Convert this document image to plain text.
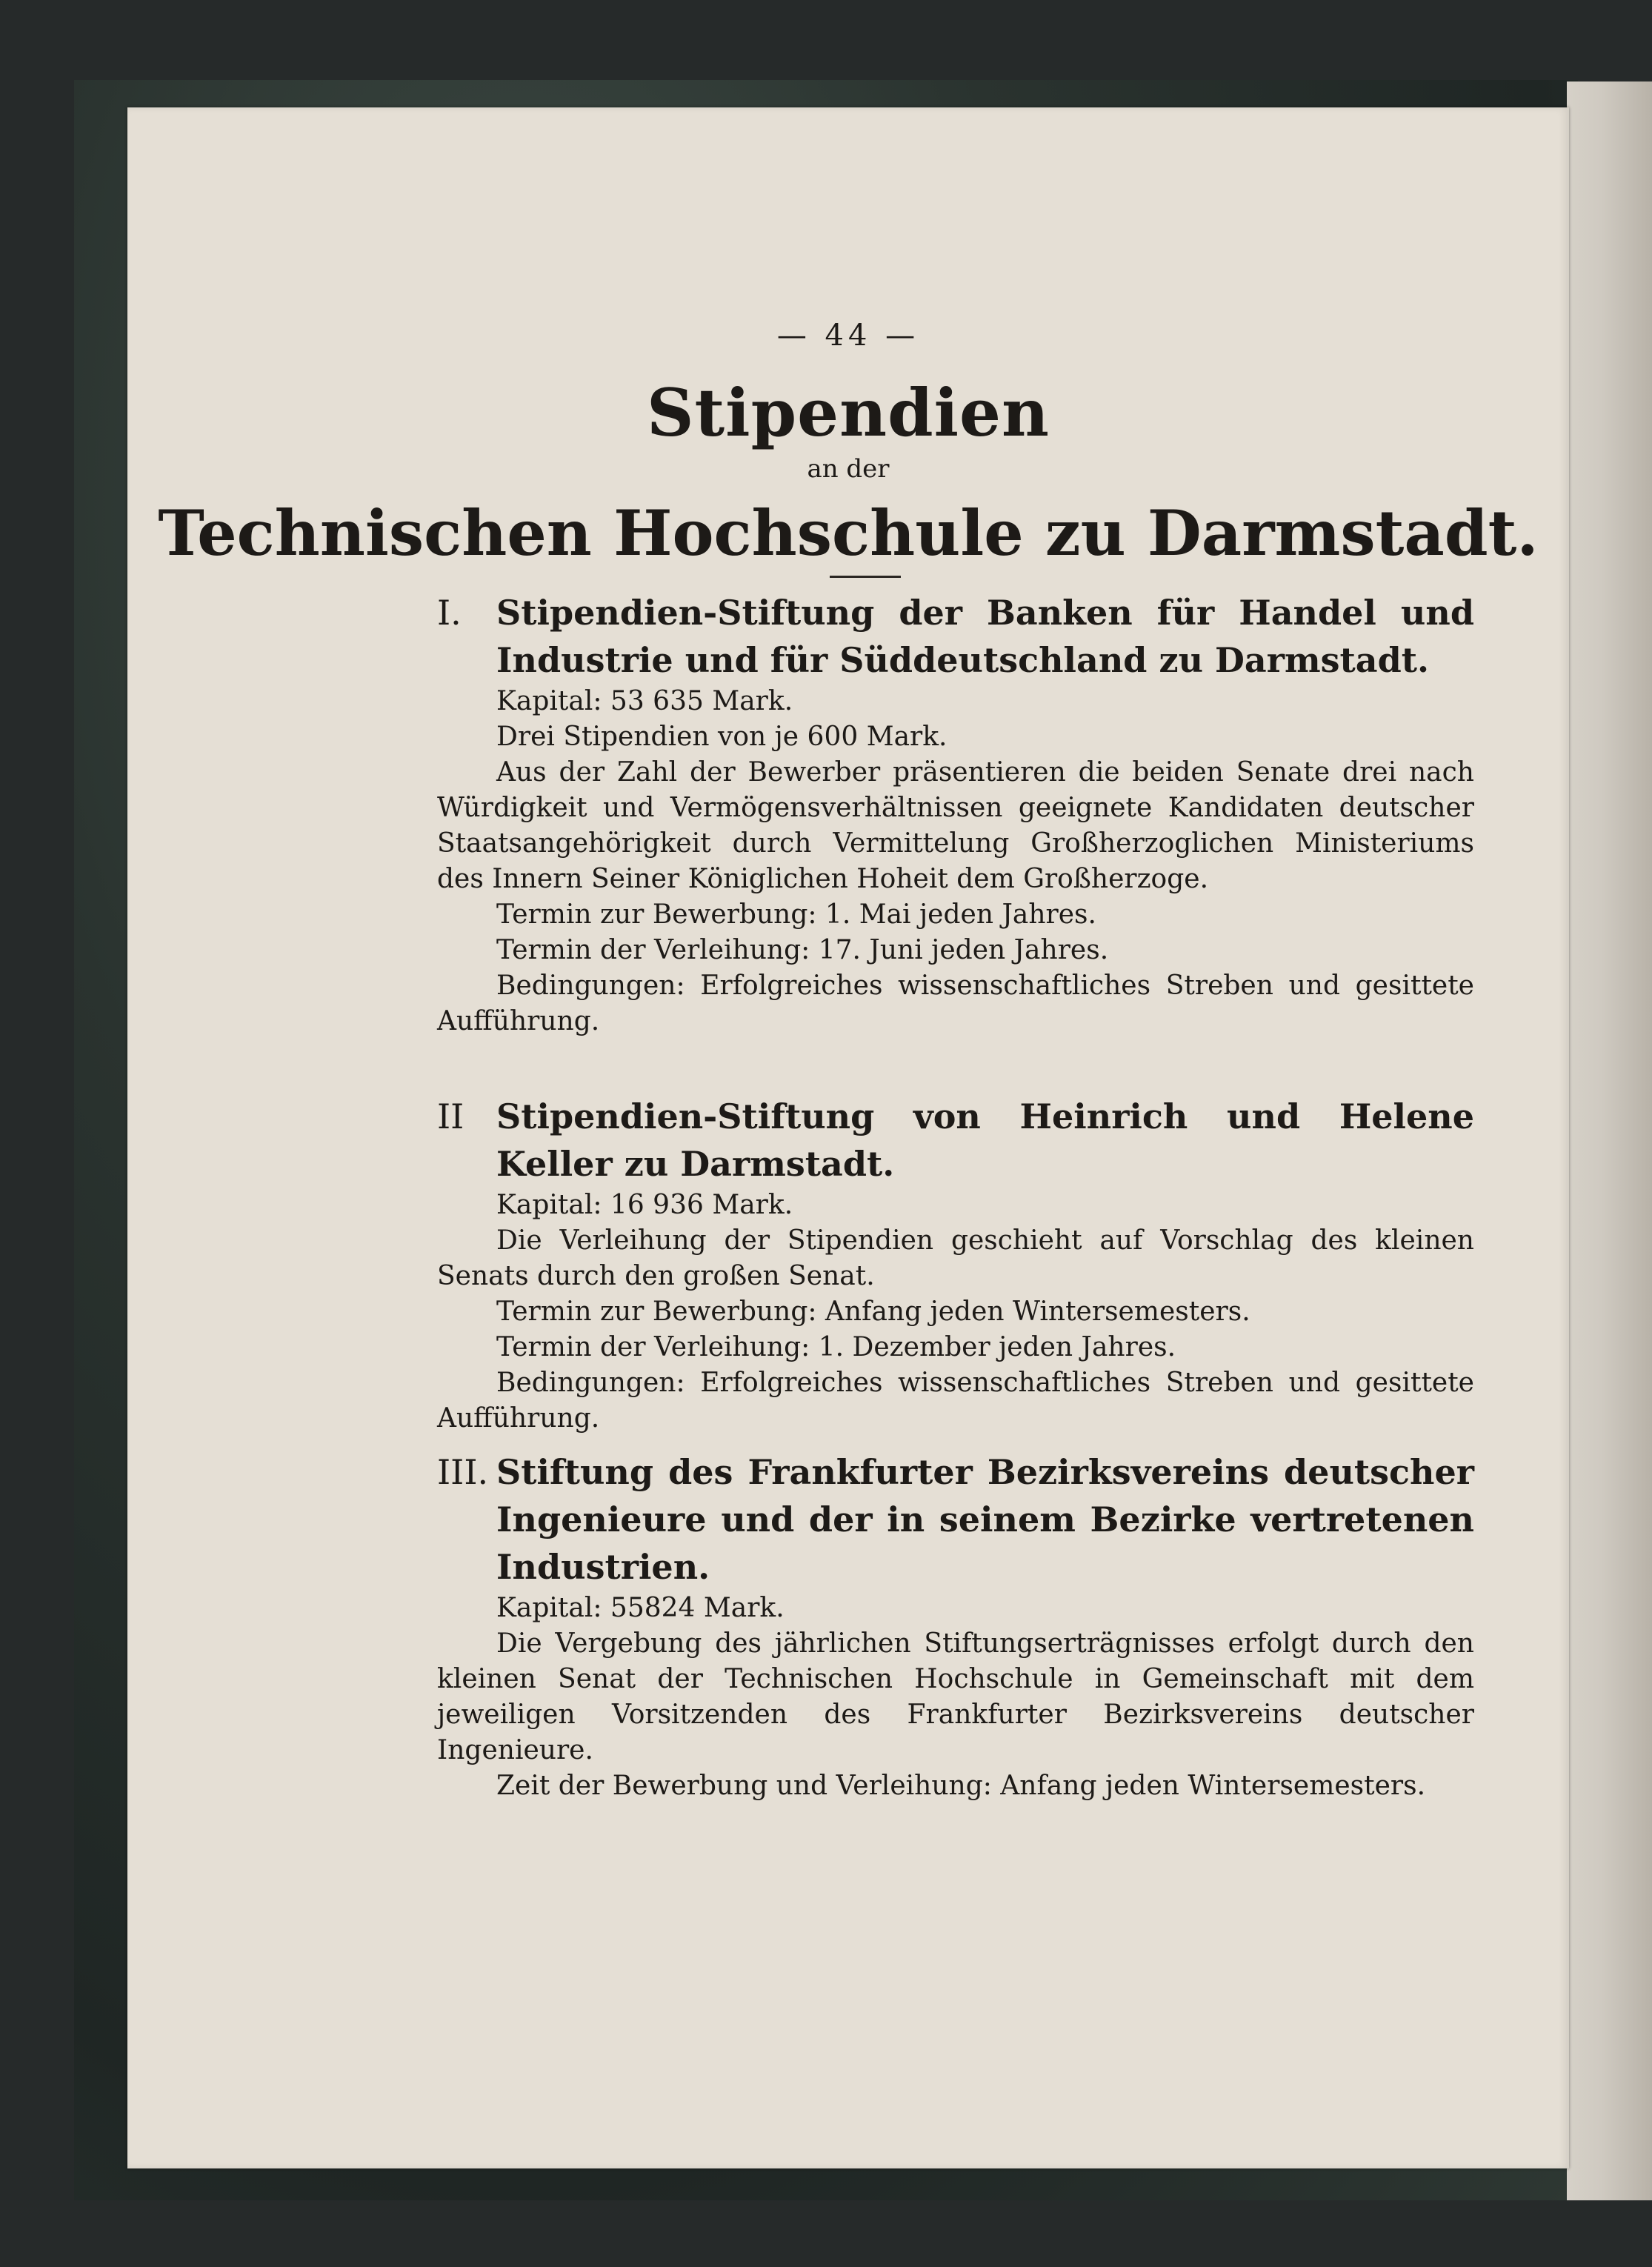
— 44 —
Stipendien
an der
Technischen Hochschule zu Darmstadt.
I.	Stipendien-Stiftung der Banken für Handel und Industrie und für Süddeutschland zu Darmstadt.
Kapital: 53 635 Mark.
Drei Stipendien von je 600 Mark.
Aus der Zahl der Bewerber präsentieren die beiden Senate drei nach Würdigkeit und Vermögensverhältnissen geeignete Kandidaten deutscher Staatsangehörigkeit durch Vermittelung Großherzoglichen Ministeriums des Innern Seiner Königlichen Hoheit dem Großherzoge.
Termin zur Bewerbung: 1. Mai jeden Jahres.
Termin der Verleihung: 17. Juni jeden Jahres.
Bedingungen: Erfolgreiches wissenschaftliches Streben und gesittete Aufführung.
II Stipendien-Stiftung von Heinrich und Helene Keller zu Darmstadt.
Kapital: 16 936 Mark.
Die Verleihung der Stipendien geschieht auf Vorschlag des kleinen Senats durch den großen Senat.
Termin zur Bewerbung: Anfang jeden Wintersemesters.
Termin der Verleihung: 1. Dezember jeden Jahres.
Bedingungen: Erfolgreiches wissenschaftliches Streben und gesittete Aufführung.
III. Stiftung des Frankfurter Bezirksvereins deutscher Ingenieure und der in seinem Bezirke vertretenen Industrien.
Kapital: 55824 Mark.
Die Vergebung des jährlichen Stiftungserträgnisses erfolgt durch den kleinen Senat der Technischen Hochschule in Gemeinschaft mit dem jeweiligen Vorsitzenden des Frankfurter Bezirksvereins deutscher Ingenieure.
Zeit der Bewerbung und Verleihung: Anfang jeden Wintersemesters.
